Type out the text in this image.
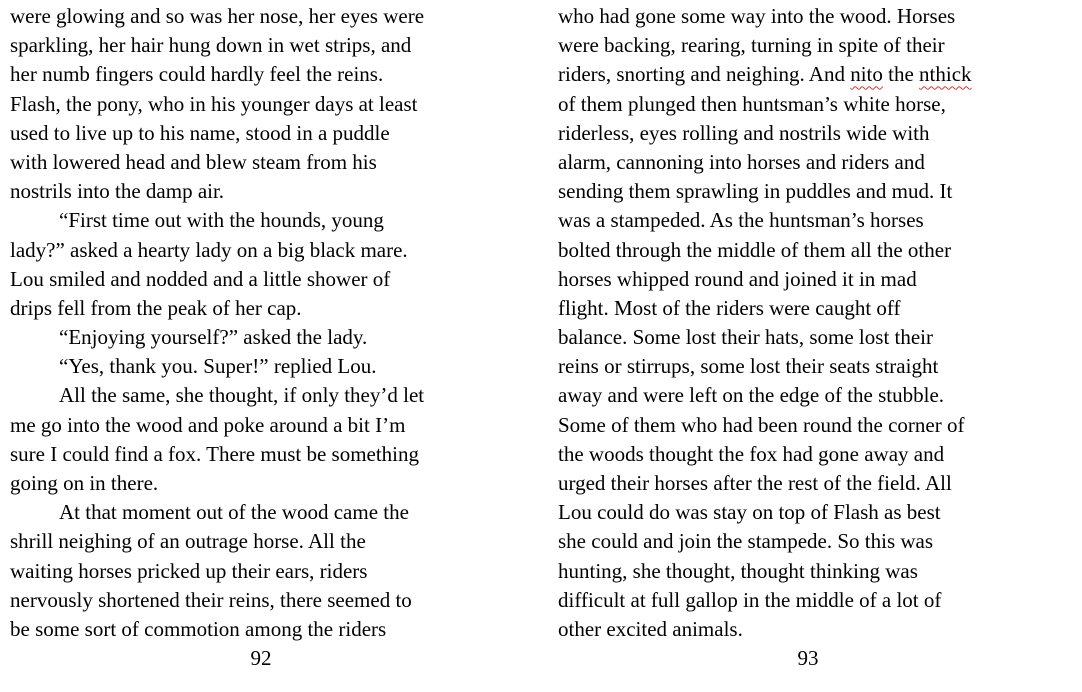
were glowing and so was her nose, her eyes were
sparkling, her hair hung down in wet strips, and
her numb fingers could hardly feel the reins.
Flash, the pony, who in his younger days at least
used to live up to his name, stood in a puddle
with lowered head and blew steam from his
nostrils into the damp air.
“First time out with the hounds, young
lady?” asked a hearty lady on a big black mare.
Lou smiled and nodded and a little shower of
drips fell from the peak of her cap.
“Enjoying yourself?” asked the lady.
“Yes, thank you. Super!” replied Lou.
All the same, she thought, if only they’d let
me go into the wood and poke around a bit I’m
sure I could find a fox. There must be something
going on in there.
At that moment out of the wood came the
shrill neighing of an outrage horse. All the
waiting horses pricked up their ears, riders
nervously shortened their reins, there seemed to
be some sort of commotion among the riders
92
who had gone some way into the wood. Horses
were backing, rearing, turning in spite of their
riders, snorting and neighing. And nito the nthick
of them plunged then huntsman’s white horse,
riderless, eyes rolling and nostrils wide with
alarm, cannoning into horses and riders and
sending them sprawling in puddles and mud. It
was a stampeded. As the huntsman’s horses
bolted through the middle of them all the other
horses whipped round and joined it in mad
flight. Most of the riders were caught off
balance. Some lost their hats, some lost their
reins or stirrups, some lost their seats straight
away and were left on the edge of the stubble.
Some of them who had been round the corner of
the woods thought the fox had gone away and
urged their horses after the rest of the field. All
Lou could do was stay on top of Flash as best
she could and join the stampede. So this was
hunting, she thought, thought thinking was
difficult at full gallop in the middle of a lot of
other excited animals.
93
